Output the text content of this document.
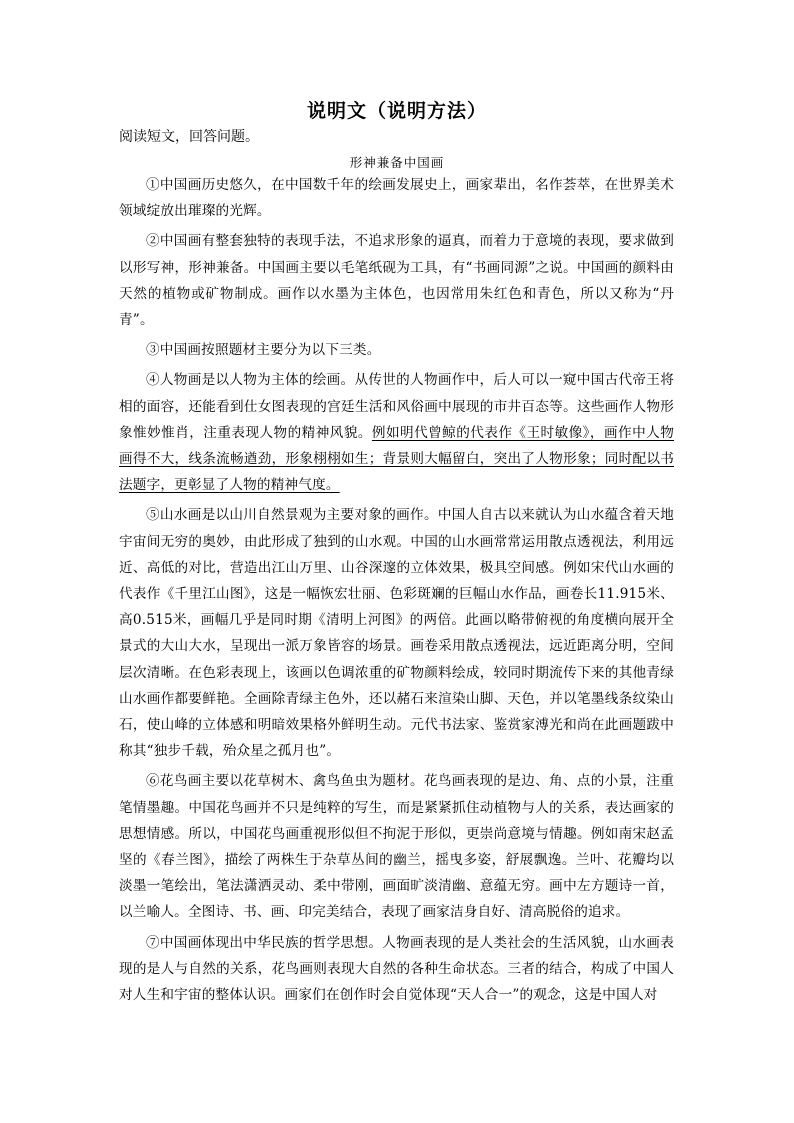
说明文（说明方法）
阅读短文，回答问题。
形神兼备中国画

①中国画历史悠久，在中国数千年的绘画发展史上，画家辈出，名作荟萃，在世界美术领域绽放出璀璨的光辉。

②中国画有整套独特的表现手法，不追求形象的逼真，而着力于意境的表现，要求做到以形写神，形神兼备。中国画主要以毛笔纸砚为工具，有“书画同源”之说。中国画的颜料由天然的植物或矿物制成。画作以水墨为主体色，也因常用朱红色和青色，所以又称为“丹青”。

③中国画按照题材主要分为以下三类。

④人物画是以人物为主体的绘画。从传世的人物画作中，后人可以一窥中国古代帝王将相的面容，还能看到仕女图表现的宫廷生活和风俗画中展现的市井百态等。这些画作人物形象惟妙惟肖，注重表现人物的精神风貌。例如明代曾鲸的代表作《王时敏像》，画作中人物画得不大，线条流畅遒劲，形象栩栩如生；背景则大幅留白，突出了人物形象；同时配以书法题字，更彰显了人物的精神气度。

⑤山水画是以山川自然景观为主要对象的画作。中国人自古以来就认为山水蕴含着天地宇宙间无穷的奥妙，由此形成了独到的山水观。中国的山水画常常运用散点透视法，利用远近、高低的对比，营造出江山万里、山谷深邃的立体效果，极具空间感。例如宋代山水画的代表作《千里江山图》，这是一幅恢宏壮丽、色彩斑斓的巨幅山水作品，画卷长11.915米、高0.515米，画幅几乎是同时期《清明上河图》的两倍。此画以略带俯视的角度横向展开全景式的大山大水，呈现出一派万象皆容的场景。画卷采用散点透视法，远近距离分明，空间层次清晰。在色彩表现上，该画以色调浓重的矿物颜料绘成，较同时期流传下来的其他青绿山水画作都要鲜艳。全画除青绿主色外，还以赭石来渲染山脚、天色，并以笔墨线条纹染山石，使山峰的立体感和明暗效果格外鲜明生动。元代书法家、鉴赏家溥光和尚在此画题跋中称其“独步千载，殆众星之孤月也”。

⑥花鸟画主要以花草树木、禽鸟鱼虫为题材。花鸟画表现的是边、角、点的小景，注重笔情墨趣。中国花鸟画并不只是纯粹的写生，而是紧紧抓住动植物与人的关系，表达画家的思想情感。所以，中国花鸟画重视形似但不拘泥于形似，更崇尚意境与情趣。例如南宋赵孟坚的《春兰图》，描绘了两株生于杂草丛间的幽兰，摇曳多姿，舒展飘逸。兰叶、花瓣均以淡墨一笔绘出，笔法潇洒灵动、柔中带刚，画面旷淡清幽、意蕴无穷。画中左方题诗一首，以兰喻人。全图诗、书、画、印完美结合，表现了画家洁身自好、清高脱俗的追求。

⑦中国画体现出中华民族的哲学思想。人物画表现的是人类社会的生活风貌，山水画表现的是人与自然的关系，花鸟画则表现大自然的各种生命状态。三者的结合，构成了中国人对人生和宇宙的整体认识。画家们在创作时会自觉体现“天人合一”的观念，这是中国人对
